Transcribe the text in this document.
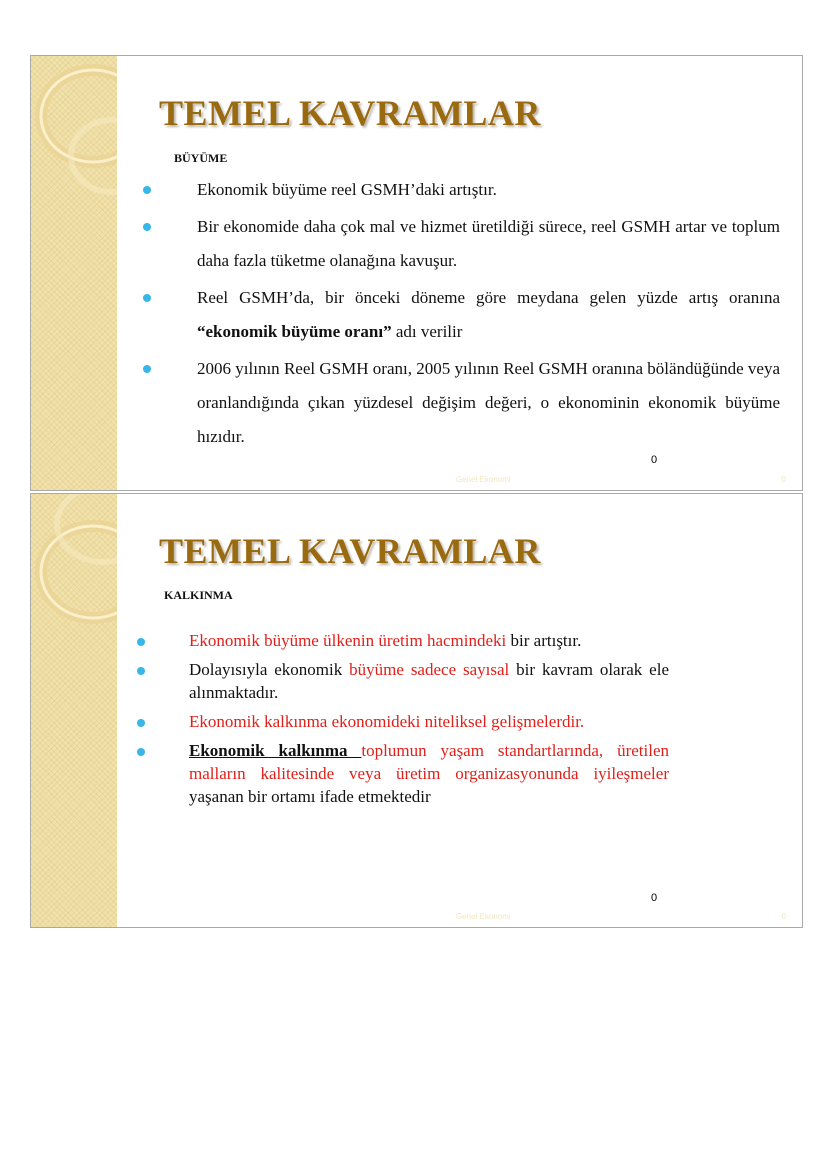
TEMEL KAVRAMLAR
BÜYÜME
Ekonomik büyüme reel GSMH’daki artıştır.
Bir ekonomide daha çok mal ve hizmet üretildiği sürece, reel GSMH artar ve toplum daha fazla tüketme olanağına kavuşur.
Reel GSMH’da, bir önceki döneme göre meydana gelen yüzde artış oranına “ekonomik büyüme oranı” adı verilir
2006 yılının Reel GSMH oranı, 2005 yılının Reel GSMH oranına böländüğünde veya oranlandığında çıkan yüzdesel değişim değeri, o ekonominin ekonomik büyüme hızıdır.
0
Genel Ekonomi	0
TEMEL KAVRAMLAR
KALKINMA
Ekonomik büyüme ülkenin üretim hacmindeki bir artıştır.
Dolayısıyla ekonomik büyüme sadece sayısal bir kavram olarak ele alınmaktadır.
Ekonomik kalkınma ekonomideki niteliksel gelişmelerdir.
Ekonomik kalkınma toplumun yaşam standartlarında, üretilen malların kalitesinde veya üretim organizasyonunda iyileşmeler yaşanan bir ortamı ifade etmektedir
0
Genel Ekonomi	0
